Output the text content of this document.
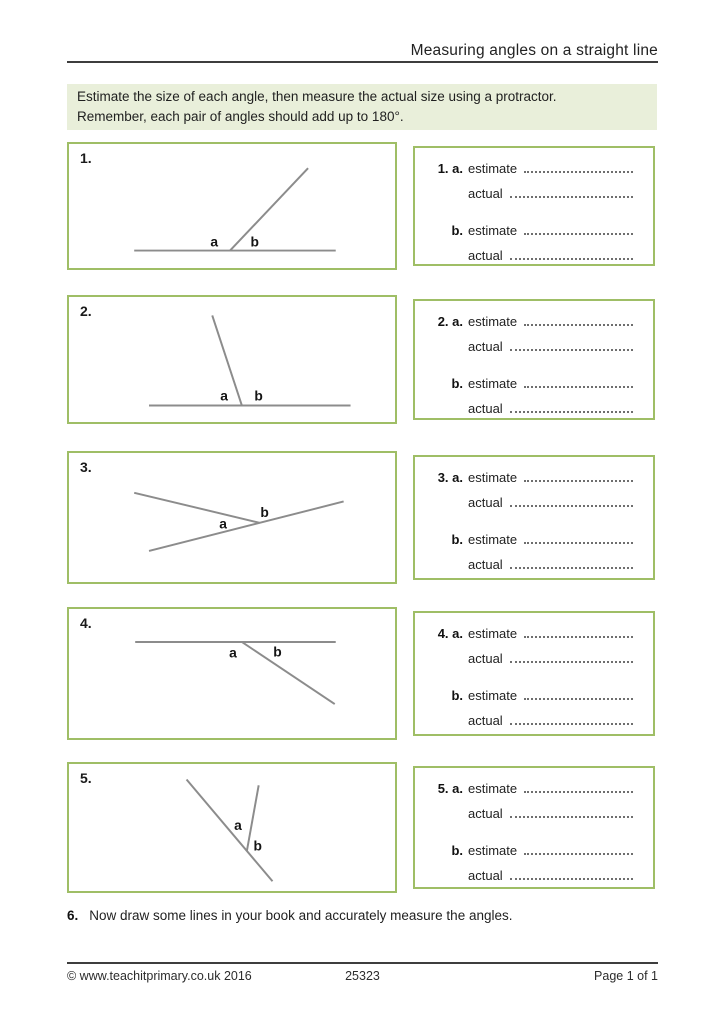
Measuring angles on a straight line
Estimate the size of each angle, then measure the actual size using a protractor.
Remember, each pair of angles should add up to 180°.
a b
1.
1. a. estimate
actual
b. estimate
actual
a b
2.
2. a. estimate
actual
b. estimate
actual
a
b
3.
3. a. estimate
actual
b. estimate
actual
a	b
4.
4. a. estimate
actual
b. estimate
actual
a
b
5.
5. a. estimate
actual
b. estimate
actual
6. Now draw some lines in your book and accurately measure the angles.
© www.teachitprimary.co.uk 2016	25323	Page 1 of 1
